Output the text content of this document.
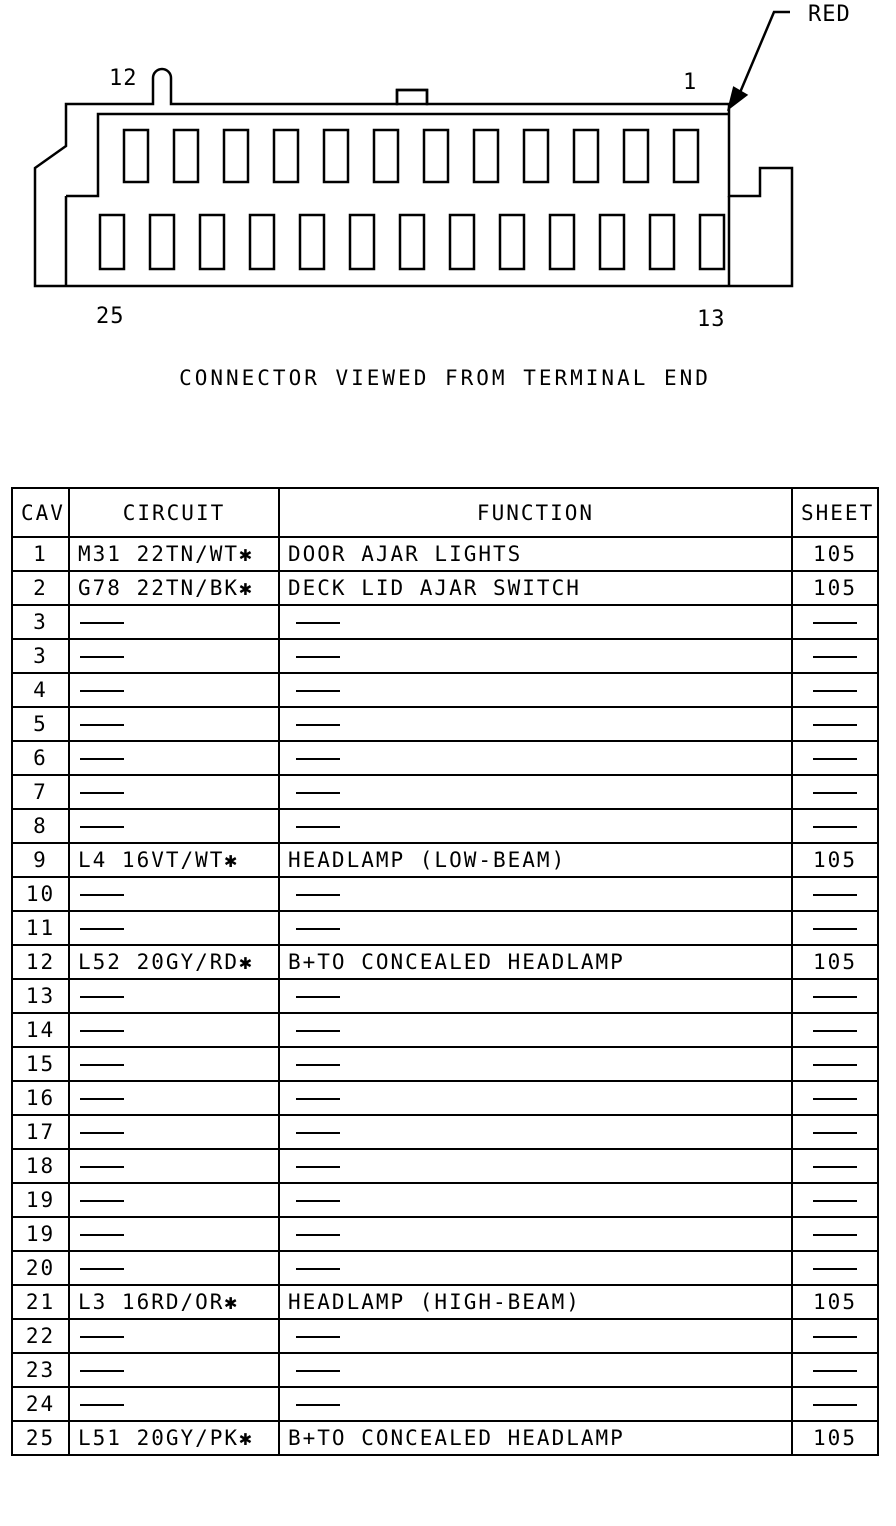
12	1
25	13
RED
CONNECTOR VIEWED FROM TERMINAL END
CAV	CIRCUIT	FUNCTION	SHEET
1	M31 22TN/WT✱	DOOR AJAR LIGHTS	105
2	G78 22TN/BK✱	DECK LID AJAR SWITCH	105
3			
3			
4			
5			
6			
7			
8			
9	L4 16VT/WT✱	HEADLAMP (LOW-BEAM)	105
10			
11			
12	L52 20GY/RD✱	B+TO CONCEALED HEADLAMP	105
13			
14			
15			
16			
17			
18			
19			
19			
20			
21	L3 16RD/OR✱	HEADLAMP (HIGH-BEAM)	105
22			
23			
24			
25	L51 20GY/PK✱	B+TO CONCEALED HEADLAMP	105
